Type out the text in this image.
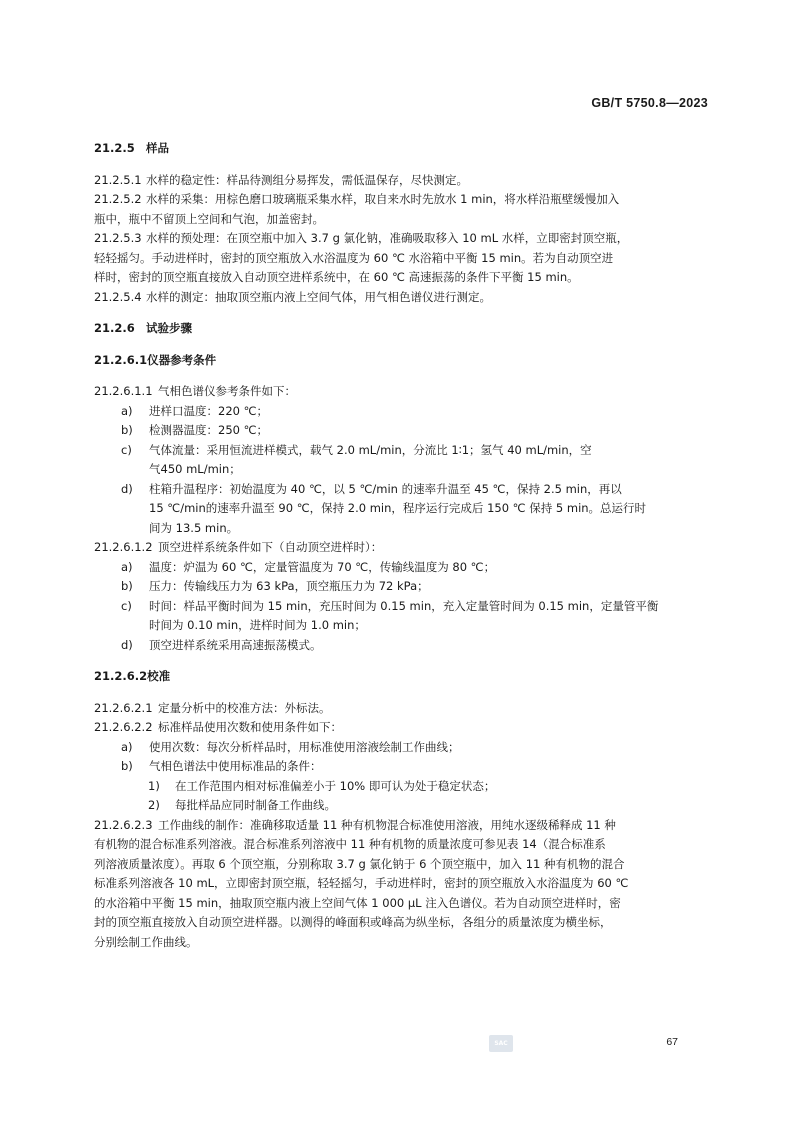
GB/T 5750.8—2023
21.2.5 样品
21.2.5.1 水样的稳定性：样品待测组分易挥发，需低温保存，尽快测定。
21.2.5.2 水样的采集：用棕色磨口玻璃瓶采集水样，取自来水时先放水 1 min，将水样沿瓶壁缓慢加入
瓶中，瓶中不留顶上空间和气泡，加盖密封。
21.2.5.3 水样的预处理：在顶空瓶中加入 3.7 g 氯化钠，准确吸取移入 10 mL 水样，立即密封顶空瓶，
轻轻摇匀。手动进样时，密封的顶空瓶放入水浴温度为 60 ℃ 水浴箱中平衡 15 min。若为自动顶空进
样时，密封的顶空瓶直接放入自动顶空进样系统中，在 60 ℃ 高速振荡的条件下平衡 15 min。
21.2.5.4 水样的测定：抽取顶空瓶内液上空间气体，用气相色谱仪进行测定。
21.2.6 试验步骤
21.2.6.1仪器参考条件
21.2.6.1.1 气相色谱仪参考条件如下：
a) 进样口温度：220 ℃；
b) 检测器温度：250 ℃；
c) 气体流量：采用恒流进样模式，载气 2.0 mL/min，分流比 1∶1；氢气 40 mL/min，空
气450 mL/min；
d) 柱箱升温程序：初始温度为 40 ℃，以 5 ℃/min 的速率升温至 45 ℃，保持 2.5 min，再以
15 ℃/min的速率升温至 90 ℃，保持 2.0 min，程序运行完成后 150 ℃ 保持 5 min。总运行时
间为 13.5 min。
21.2.6.1.2 顶空进样系统条件如下（自动顶空进样时）：
a) 温度：炉温为 60 ℃，定量管温度为 70 ℃，传输线温度为 80 ℃；
b) 压力：传输线压力为 63 kPa，顶空瓶压力为 72 kPa；
c) 时间：样品平衡时间为 15 min，充压时间为 0.15 min，充入定量管时间为 0.15 min，定量管平衡
时间为 0.10 min，进样时间为 1.0 min；
d) 顶空进样系统采用高速振荡模式。
21.2.6.2校准
21.2.6.2.1 定量分析中的校准方法：外标法。
21.2.6.2.2 标准样品使用次数和使用条件如下：
a) 使用次数：每次分析样品时，用标准使用溶液绘制工作曲线；
b) 气相色谱法中使用标准品的条件：
1) 在工作范围内相对标准偏差小于 10% 即可认为处于稳定状态；
2) 每批样品应同时制备工作曲线。
21.2.6.2.3 工作曲线的制作：准确移取适量 11 种有机物混合标准使用溶液，用纯水逐级稀释成 11 种
有机物的混合标准系列溶液。混合标准系列溶液中 11 种有机物的质量浓度可参见表 14（混合标准系
列溶液质量浓度）。再取 6 个顶空瓶，分别称取 3.7 g 氯化钠于 6 个顶空瓶中，加入 11 种有机物的混合
标准系列溶液各 10 mL，立即密封顶空瓶，轻轻摇匀，手动进样时，密封的顶空瓶放入水浴温度为 60 ℃
的水浴箱中平衡 15 min，抽取顶空瓶内液上空间气体 1 000 μL 注入色谱仪。若为自动顶空进样时，密
封的顶空瓶直接放入自动顶空进样器。以测得的峰面积或峰高为纵坐标，各组分的质量浓度为横坐标，
分别绘制工作曲线。
SAC	67
